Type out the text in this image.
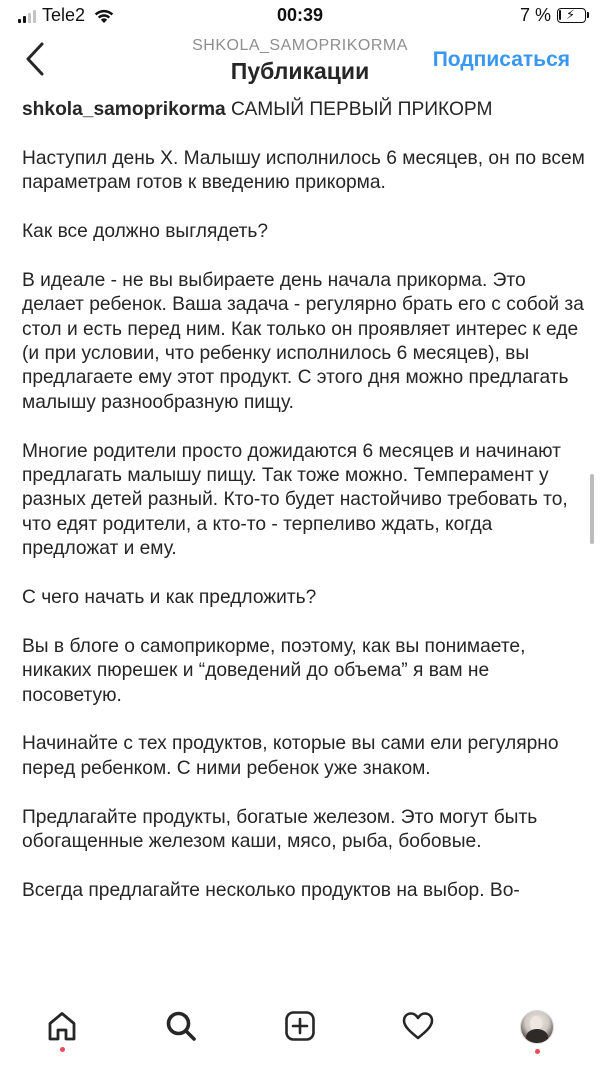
Tele2	00:39	7 % ⚡
SHKOLA_SAMOPRIKORMA
Публикации	Подписаться

shkola_samoprikorma САМЫЙ ПЕРВЫЙ ПРИКОРМ

Наступил день Х. Малышу исполнилось 6 месяцев, он по всем параметрам готов к введению прикорма.

Как все должно выглядеть?

В идеале - не вы выбираете день начала прикорма. Это делает ребенок. Ваша задача - регулярно брать его с собой за стол и есть перед ним. Как только он проявляет интерес к еде (и при условии, что ребенку исполнилось 6 месяцев), вы предлагаете ему этот продукт. С этого дня можно предлагать малышу разнообразную пищу.

Многие родители просто дожидаются 6 месяцев и начинают предлагать малышу пищу. Так тоже можно. Темперамент у разных детей разный. Кто-то будет настойчиво требовать то, что едят родители, а кто-то - терпеливо ждать, когда предложат и ему.

С чего начать и как предложить?

Вы в блоге о самоприкорме, поэтому, как вы понимаете, никаких пюрешек и “доведений до объема” я вам не посоветую.

Начинайте с тех продуктов, которые вы сами ели регулярно перед ребенком. С ними ребенок уже знаком.

Предлагайте продукты, богатые железом. Это могут быть обогащенные железом каши, мясо, рыба, бобовые.

Всегда предлагайте несколько продуктов на выбор. Во-
